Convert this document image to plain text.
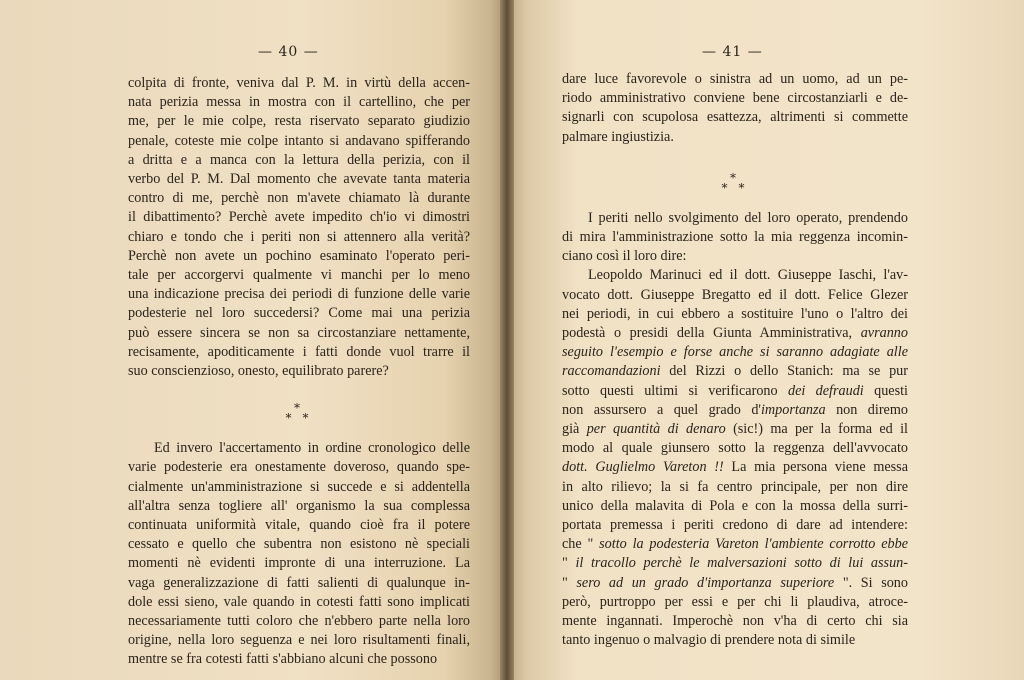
— 40 —
colpita di fronte, veniva dal P. M. in virtù della accen-
nata perizia messa in mostra con il cartellino, che per
me, per le mie colpe, resta riservato separato giudizio
penale, coteste mie colpe intanto si andavano spifferando
a dritta e a manca con la lettura della perizia, con il
verbo del P. M. Dal momento che avevate tanta materia
contro di me, perchè non m'avete chiamato là durante
il dibattimento? Perchè avete impedito ch'io vi dimostri
chiaro e tondo che i periti non si attennero alla verità?
Perchè non avete un pochino esaminato l'operato peri-
tale per accorgervi qualmente vi manchi per lo meno
una indicazione precisa dei periodi di funzione delle varie
podesterie nel loro succedersi? Come mai una perizia
può essere sincera se non sa circostanziare nettamente,
recisamente, apoditicamente i fatti donde vuol trarre il
suo conscienzioso, onesto, equilibrato parere?
⁎
⁎ ⁎
Ed invero l'accertamento in ordine cronologico delle
varie podesterie era onestamente doveroso, quando spe-
cialmente un'amministrazione si succede e si addentella
all'altra senza togliere all' organismo la sua complessa
continuata uniformità vitale, quando cioè fra il potere
cessato e quello che subentra non esistono nè speciali
momenti nè evidenti impronte di una interruzione. La
vaga generalizzazione di fatti salienti di qualunque in-
dole essi sieno, vale quando in cotesti fatti sono implicati
necessariamente tutti coloro che n'ebbero parte nella loro
origine, nella loro seguenza e nei loro risultamenti finali,
mentre se fra cotesti fatti s'abbiano alcuni che possono
— 41 —
dare luce favorevole o sinistra ad un uomo, ad un pe-
riodo amministrativo conviene bene circostanziarli e de-
signarli con scupolosa esattezza, altrimenti si commette
palmare ingiustizia.
⁎
⁎ ⁎
I periti nello svolgimento del loro operato, prendendo
di mira l'amministrazione sotto la mia reggenza incomin-
ciano così il loro dire:
Leopoldo Marinuci ed il dott. Giuseppe Iaschi, l'av-
vocato dott. Giuseppe Bregatto ed il dott. Felice Glezer
nei periodi, in cui ebbero a sostituire l'uno o l'altro dei
podestà o presidi della Giunta Amministrativa, avranno
seguito l'esempio e forse anche si saranno adagiate alle
raccomandazioni del Rizzi o dello Stanich: ma se pur
sotto questi ultimi si verificarono dei defraudi questi
non assursero a quel grado d'importanza non diremo
già per quantità di denaro (sic!) ma per la forma ed il
modo al quale giunsero sotto la reggenza dell'avvocato
dott. Guglielmo Vareton !! La mia persona viene messa
in alto rilievo; la si fa centro principale, per non dire
unico della malavita di Pola e con la mossa della surri-
portata premessa i periti credono di dare ad intendere:
che " sotto la podesteria Vareton l'ambiente corrotto ebbe
" il tracollo perchè le malversazioni sotto di lui assun-
" sero ad un grado d'importanza superiore ". Si sono
però, purtroppo per essi e per chi li plaudiva, atroce-
mente ingannati. Imperochè non v'ha di certo chi sia
tanto ingenuo o malvagio di prendere nota di simile
